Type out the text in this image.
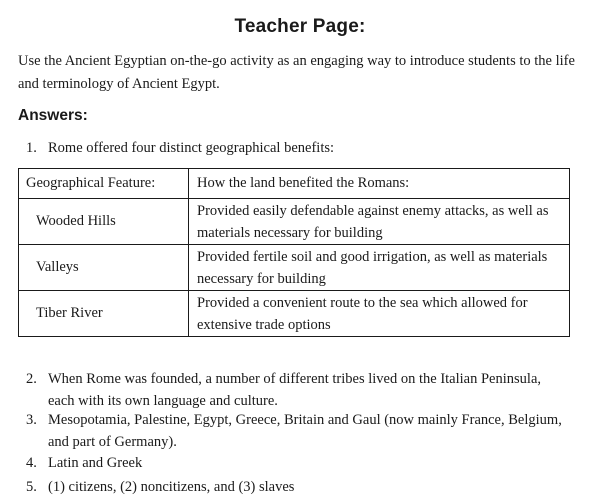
Teacher Page:
Use the Ancient Egyptian on-the-go activity as an engaging way to introduce students to the life and terminology of Ancient Egypt.
Answers:
1. Rome offered four distinct geographical benefits:
Geographical Feature:	How the land benefited the Romans:
Wooded Hills	Provided easily defendable against enemy attacks, as well as materials necessary for building
Valleys	Provided fertile soil and good irrigation, as well as materials necessary for building
Tiber River	Provided a convenient route to the sea which allowed for extensive trade options
2. When Rome was founded, a number of different tribes lived on the Italian Peninsula, each with its own language and culture.
3. Mesopotamia, Palestine, Egypt, Greece, Britain and Gaul (now mainly France, Belgium, and part of Germany).
4. Latin and Greek
5. (1) citizens, (2) noncitizens, and (3) slaves
